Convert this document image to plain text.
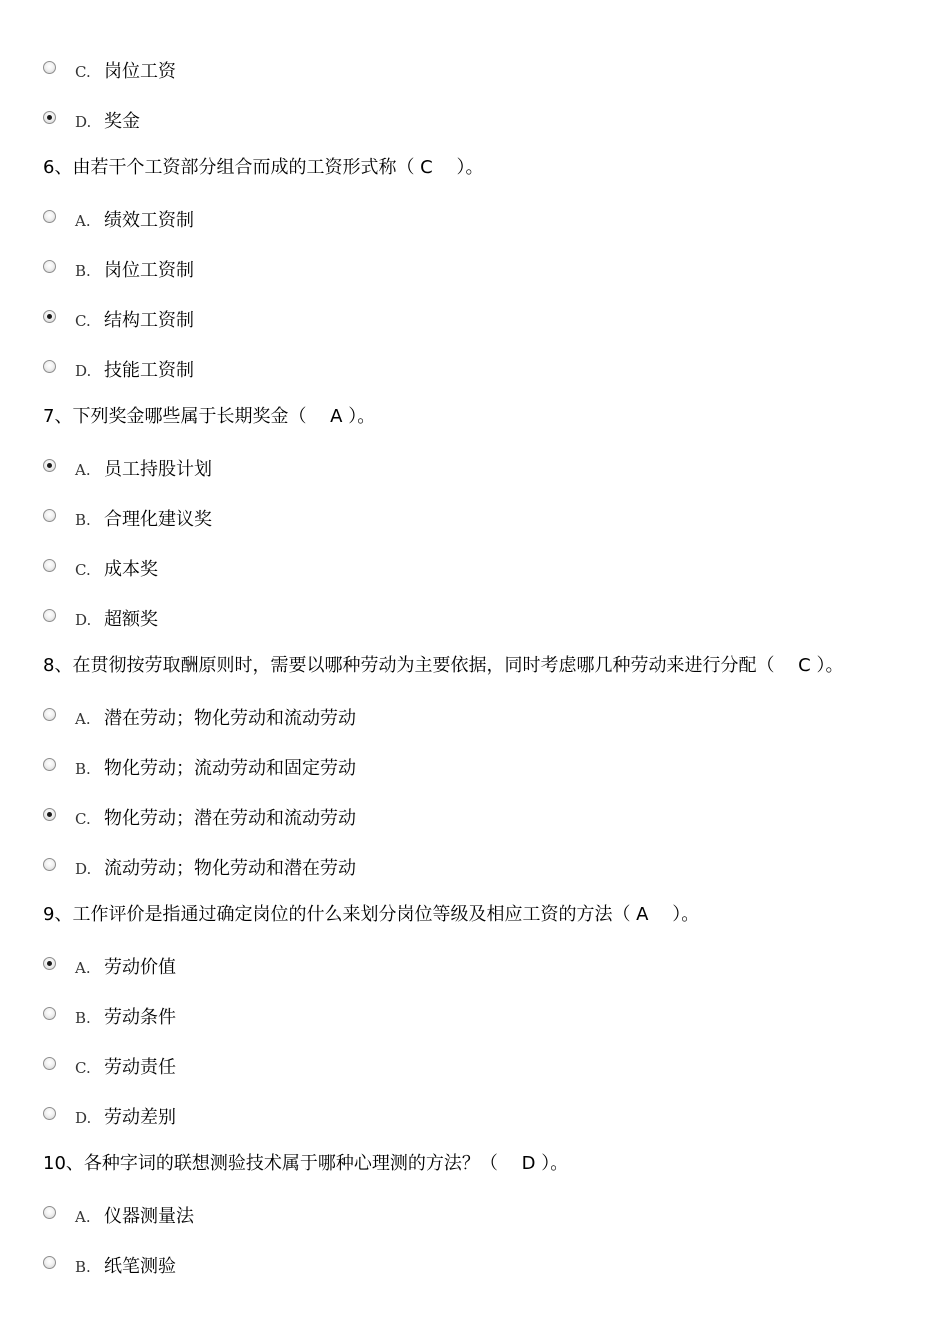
C. 岗位工资
D. 奖金
6、由若干个工资部分组合而成的工资形式称（ C　 ）。
A. 绩效工资制
B. 岗位工资制
C. 结构工资制
D. 技能工资制
7、下列奖金哪些属于长期奖金（　 A ）。
A. 员工持股计划
B. 合理化建议奖
C. 成本奖
D. 超额奖
8、在贯彻按劳取酬原则时，需要以哪种劳动为主要依据，同时考虑哪几种劳动来进行分配（　 C ）。
A. 潜在劳动；物化劳动和流动劳动
B. 物化劳动；流动劳动和固定劳动
C. 物化劳动；潜在劳动和流动劳动
D. 流动劳动；物化劳动和潜在劳动
9、工作评价是指通过确定岗位的什么来划分岗位等级及相应工资的方法（ A　 ）。
A. 劳动价值
B. 劳动条件
C. 劳动责任
D. 劳动差别
10、各种字词的联想测验技术属于哪种心理测的方法？（　 D ）。
A. 仪器测量法
B. 纸笔测验
